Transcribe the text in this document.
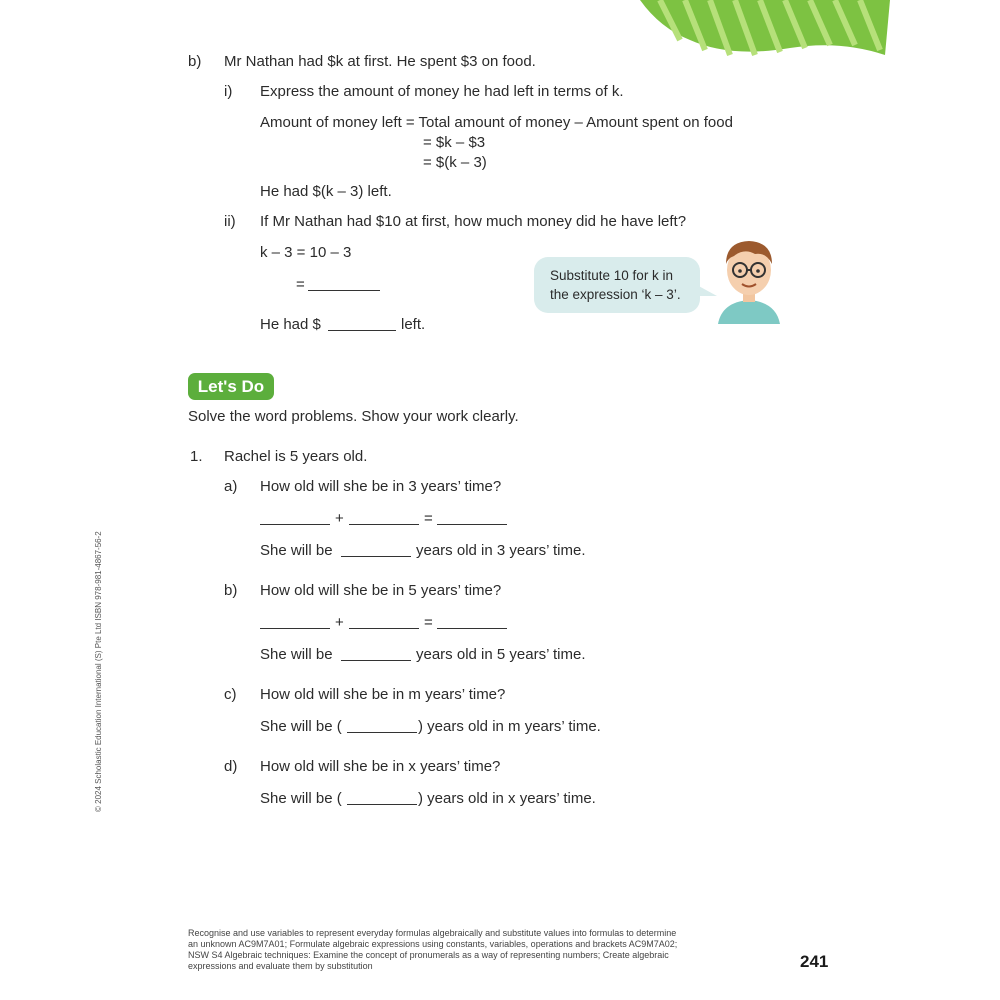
b) Mr Nathan had $k at first. He spent $3 on food.
i) Express the amount of money he had left in terms of k.
Amount of money left = Total amount of money – Amount spent on food
= $k – $3
= $(k – 3)
He had $(k – 3) left.
ii) If Mr Nathan had $10 at first, how much money did he have left?
k – 3 = 10 – 3
=
He had $	left.
Substitute 10 for k in
the expression ‘k – 3’.
Let's Do
Solve the word problems. Show your work clearly.
1. Rachel is 5 years old.
a) How old will she be in 3 years’ time?
+	=
She will be	years old in 3 years’ time.
b) How old will she be in 5 years’ time?
+	=
She will be	years old in 5 years’ time.
c) How old will she be in m years’ time?
She will be (	) years old in m years’ time.
d) How old will she be in x years’ time?
She will be (	) years old in x years’ time.
© 2024 Scholastic Education International (S) Pte Ltd ISBN 978-981-4867-56-2
Recognise and use variables to represent everyday formulas algebraically and substitute values into formulas to determine an unknown AC9M7A01; Formulate algebraic expressions using constants, variables, operations and brackets AC9M7A02; NSW S4 Algebraic techniques: Examine the concept of pronumerals as a way of representing numbers; Create algebraic expressions and evaluate them by substitution	241
